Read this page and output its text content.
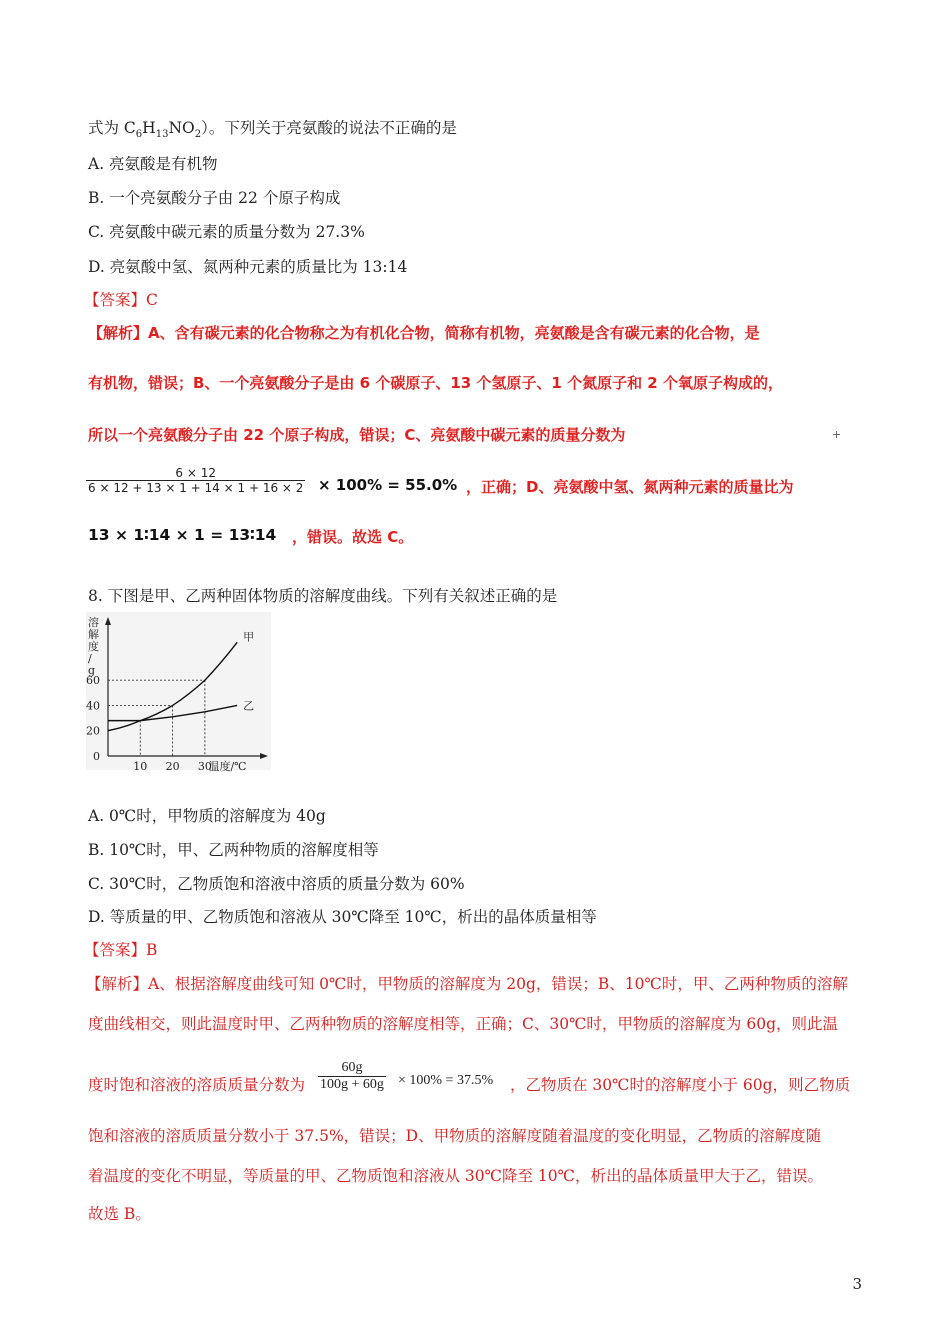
式为 $C_6H_{13}NO_2$）。下列关于亮氨酸的说法不正确的是
A. 亮氨酸是有机物
B. 一个亮氨酸分子由 22 个原子构成
C. 亮氨酸中碳元素的质量分数为 27.3%
D. 亮氨酸中氢、氮两种元素的质量比为 13:14
【答案】C
【解析】A、含有碳元素的化合物称之为有机化合物，简称有机物，亮氨酸是含有碳元素的化合物，是
有机物，错误；B、一个亮氨酸分子是由 6 个碳原子、13 个氢原子、1 个氮原子和 2 个氧原子构成的，
所以一个亮氨酸分子由 22 个原子构成，错误；C、亮氨酸中碳元素的质量分数为	+
6 × 12
6 × 12 + 13 × 1 + 14 × 1 + 16 × 2 × 100% = 55.0% ，正确；D、亮氨酸中氢、氮两种元素的质量比为
13 × 1∶14 × 1 = 13∶14 ，错误。故选 C。
8. 下图是甲、乙两种固体物质的溶解度曲线。下列有关叙述正确的是
溶
解
度
/
g
0
20
40
60
10 20 30
温度/℃
甲
乙
A. 0℃时，甲物质的溶解度为 40g
B. 10℃时，甲、乙两种物质的溶解度相等
C. 30℃时，乙物质饱和溶液中溶质的质量分数为 60%
D. 等质量的甲、乙物质饱和溶液从 30℃降至 10℃，析出的晶体质量相等
【答案】B
【解析】A、根据溶解度曲线可知 0℃时，甲物质的溶解度为 20g，错误；B、10℃时，甲、乙两种物质的溶解
度曲线相交，则此温度时甲、乙两种物质的溶解度相等，正确；C、30℃时，甲物质的溶解度为 60g，则此温
度时饱和溶液的溶质质量分数为
60g
100g + 60g × 100% = 37.5% ，乙物质在 30℃时的溶解度小于 60g，则乙物质
饱和溶液的溶质质量分数小于 37.5%，错误；D、甲物质的溶解度随着温度的变化明显，乙物质的溶解度随
着温度的变化不明显，等质量的甲、乙物质饱和溶液从 30℃降至 10℃，析出的晶体质量甲大于乙，错误。
故选 B。
3
